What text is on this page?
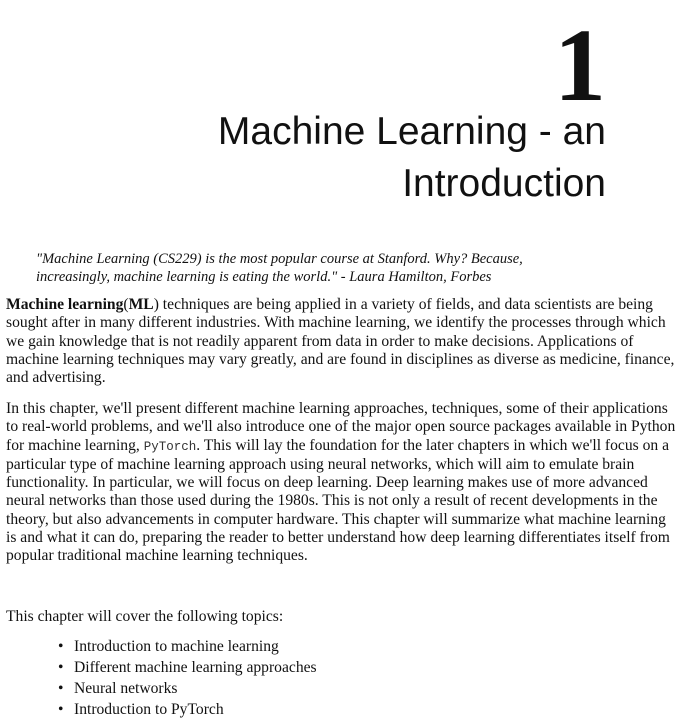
1
Machine Learning - an
Introduction
"Machine Learning (CS229) is the most popular course at Stanford. Why? Because,
increasingly, machine learning is eating the world." - Laura Hamilton, Forbes

Machine learning(ML) techniques are being applied in a variety of fields, and data scientists are being sought after in many different industries. With machine learning, we identify the processes through which we gain knowledge that is not readily apparent from data in order to make decisions. Applications of machine learning techniques may vary greatly, and are found in disciplines as diverse as medicine, finance, and advertising.

In this chapter, we'll present different machine learning approaches, techniques, some of their applications to real-world problems, and we'll also introduce one of the major open source packages available in Python for machine learning, PyTorch. This will lay the foundation for the later chapters in which we'll focus on a particular type of machine learning approach using neural networks, which will aim to emulate brain functionality. In particular, we will focus on deep learning. Deep learning makes use of more advanced neural networks than those used during the 1980s. This is not only a result of recent developments in the theory, but also advancements in computer hardware. This chapter will summarize what machine learning is and what it can do, preparing the reader to better understand how deep learning differentiates itself from popular traditional machine learning techniques.

This chapter will cover the following topics:

• Introduction to machine learning
• Different machine learning approaches
• Neural networks
• Introduction to PyTorch
